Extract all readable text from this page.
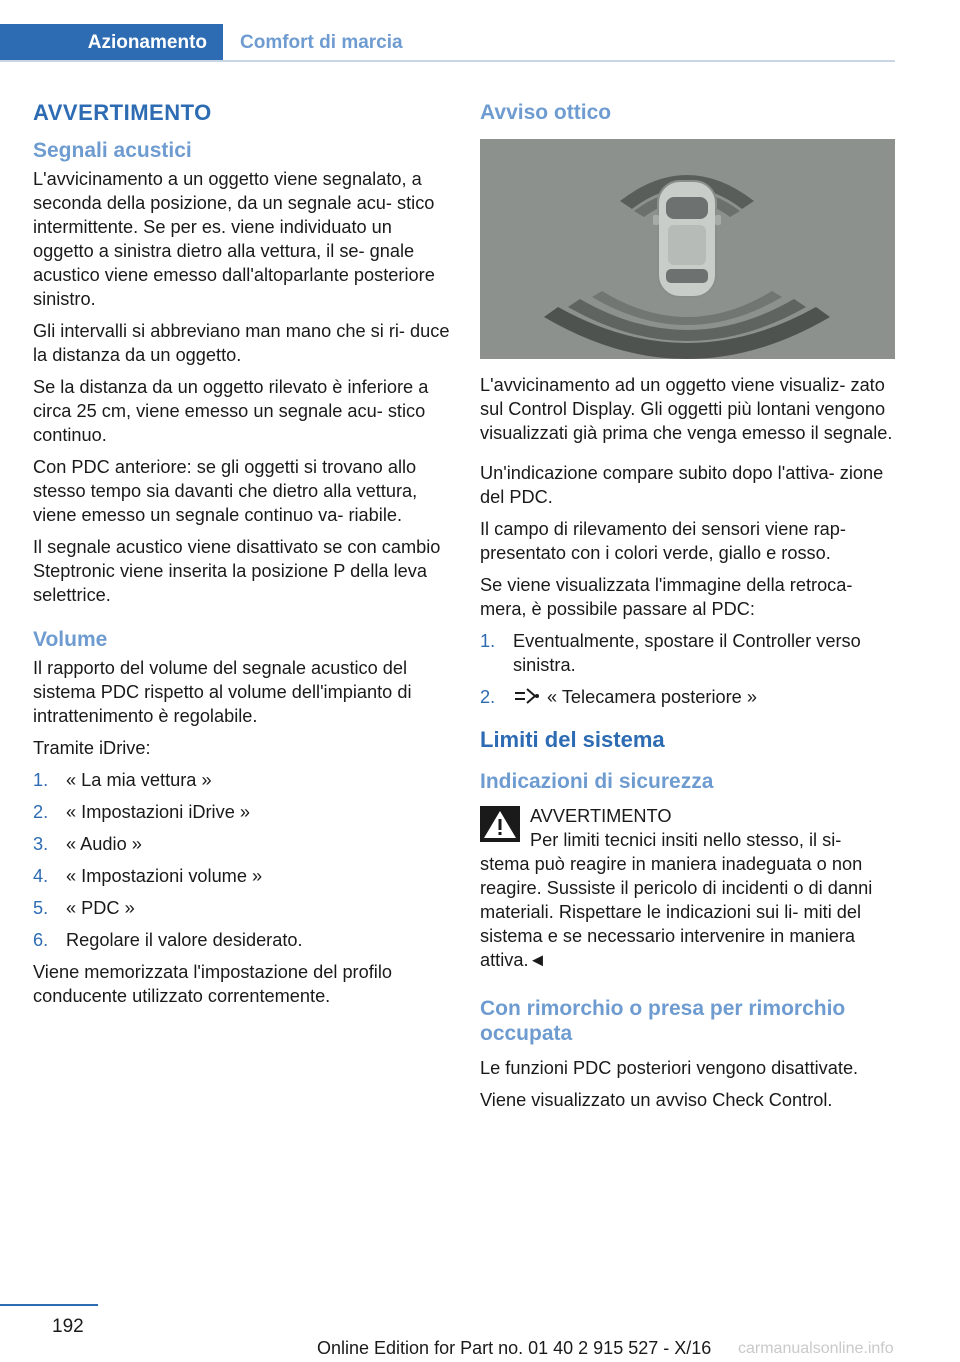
Azionamento	Comfort di marcia
AVVERTIMENTO
Segnali acustici

L'avvicinamento a un oggetto viene segnalato, a seconda della posizione, da un segnale acu‐ stico intermittente. Se per es. viene individuato un oggetto a sinistra dietro alla vettura, il se‐ gnale acustico viene emesso dall'altoparlante posteriore sinistro.

Gli intervalli si abbreviano man mano che si ri‐ duce la distanza da un oggetto.

Se la distanza da un oggetto rilevato è inferiore a circa 25 cm, viene emesso un segnale acu‐ stico continuo.

Con PDC anteriore: se gli oggetti si trovano allo stesso tempo sia davanti che dietro alla vettura, viene emesso un segnale continuo va‐ riabile.

Il segnale acustico viene disattivato se con cambio Steptronic viene inserita la posizione P della leva selettrice.

Volume

Il rapporto del volume del segnale acustico del sistema PDC rispetto al volume dell'impianto di intrattenimento è regolabile.

Tramite iDrive:

1. « La mia vettura »
2. « Impostazioni iDrive »
3. « Audio »
4. « Impostazioni volume »
5. « PDC »
6. Regolare il valore desiderato.

Viene memorizzata l'impostazione del profilo conducente utilizzato correntemente.

Avviso ottico

L'avvicinamento ad un oggetto viene visualiz‐ zato sul Control Display. Gli oggetti più lontani vengono visualizzati già prima che venga emesso il segnale.

Un'indicazione compare subito dopo l'attiva‐ zione del PDC.

Il campo di rilevamento dei sensori viene rap‐ presentato con i colori verde, giallo e rosso.

Se viene visualizzata l'immagine della retroca‐ mera, è possibile passare al PDC:

1. Eventualmente, spostare il Controller verso sinistra.
2.	« Telecamera posteriore »
Limiti del sistema
Indicazioni di sicurezza
AVVERTIMENTO
Per limiti tecnici insiti nello stesso, il si‐

stema può reagire in maniera inadeguata o non reagire. Sussiste il pericolo di incidenti o di danni materiali. Rispettare le indicazioni sui li‐ miti del sistema e se necessario intervenire in maniera attiva.◄

Con rimorchio o presa per rimorchio occupata

Le funzioni PDC posteriori vengono disattivate.

Viene visualizzato un avviso Check Control.

192
Online Edition for Part no. 01 40 2 915 527 - X/16 carmanualsonline.info
